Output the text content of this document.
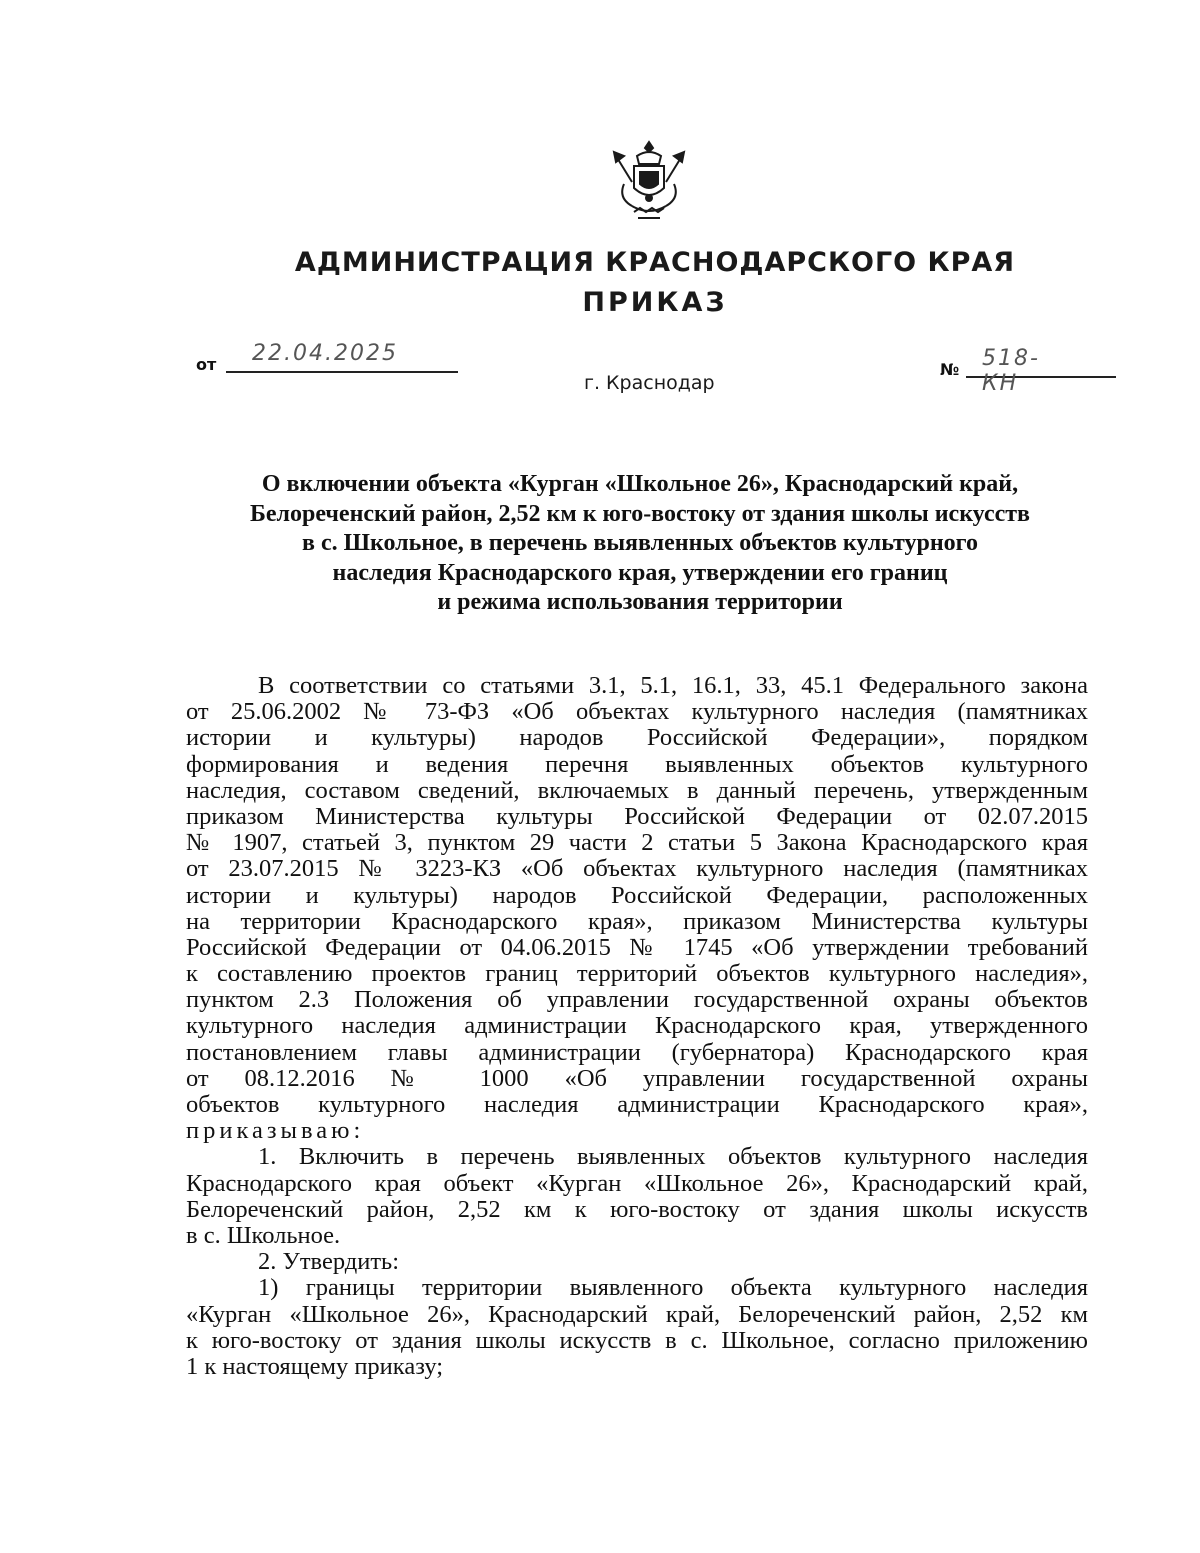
АДМИНИСТРАЦИЯ КРАСНОДАРСКОГО КРАЯ
ПРИКАЗ
от 22.04.2025
№ 518-КН
г. Краснодар
О включении объекта «Курган «Школьное 26», Краснодарский край,
Белореченский район, 2,52 км к юго-востоку от здания школы искусств
в с. Школьное, в перечень выявленных объектов культурного
наследия Краснодарского края, утверждении его границ
и режима использования территории
В соответствии со статьями 3.1, 5.1, 16.1, 33, 45.1 Федерального закона
от 25.06.2002 № 73-ФЗ «Об объектах культурного наследия (памятниках
истории и культуры) народов Российской Федерации», порядком
формирования и ведения перечня выявленных объектов культурного
наследия, составом сведений, включаемых в данный перечень, утвержденным
приказом Министерства культуры Российской Федерации от 02.07.2015
№ 1907, статьей 3, пунктом 29 части 2 статьи 5 Закона Краснодарского края
от 23.07.2015 № 3223-КЗ «Об объектах культурного наследия (памятниках
истории и культуры) народов Российской Федерации, расположенных
на территории Краснодарского края», приказом Министерства культуры
Российской Федерации от 04.06.2015 № 1745 «Об утверждении требований
к составлению проектов границ территорий объектов культурного наследия»,
пунктом 2.3 Положения об управлении государственной охраны объектов
культурного наследия администрации Краснодарского края, утвержденного
постановлением главы администрации (губернатора) Краснодарского края
от 08.12.2016 № 1000 «Об управлении государственной охраны
объектов культурного наследия администрации Краснодарского края»,
приказываю:
1. Включить в перечень выявленных объектов культурного наследия
Краснодарского края объект «Курган «Школьное 26», Краснодарский край,
Белореченский район, 2,52 км к юго-востоку от здания школы искусств
в с. Школьное.
2. Утвердить:
1) границы территории выявленного объекта культурного наследия
«Курган «Школьное 26», Краснодарский край, Белореченский район, 2,52 км
к юго-востоку от здания школы искусств в с. Школьное, согласно приложению
1 к настоящему приказу;
